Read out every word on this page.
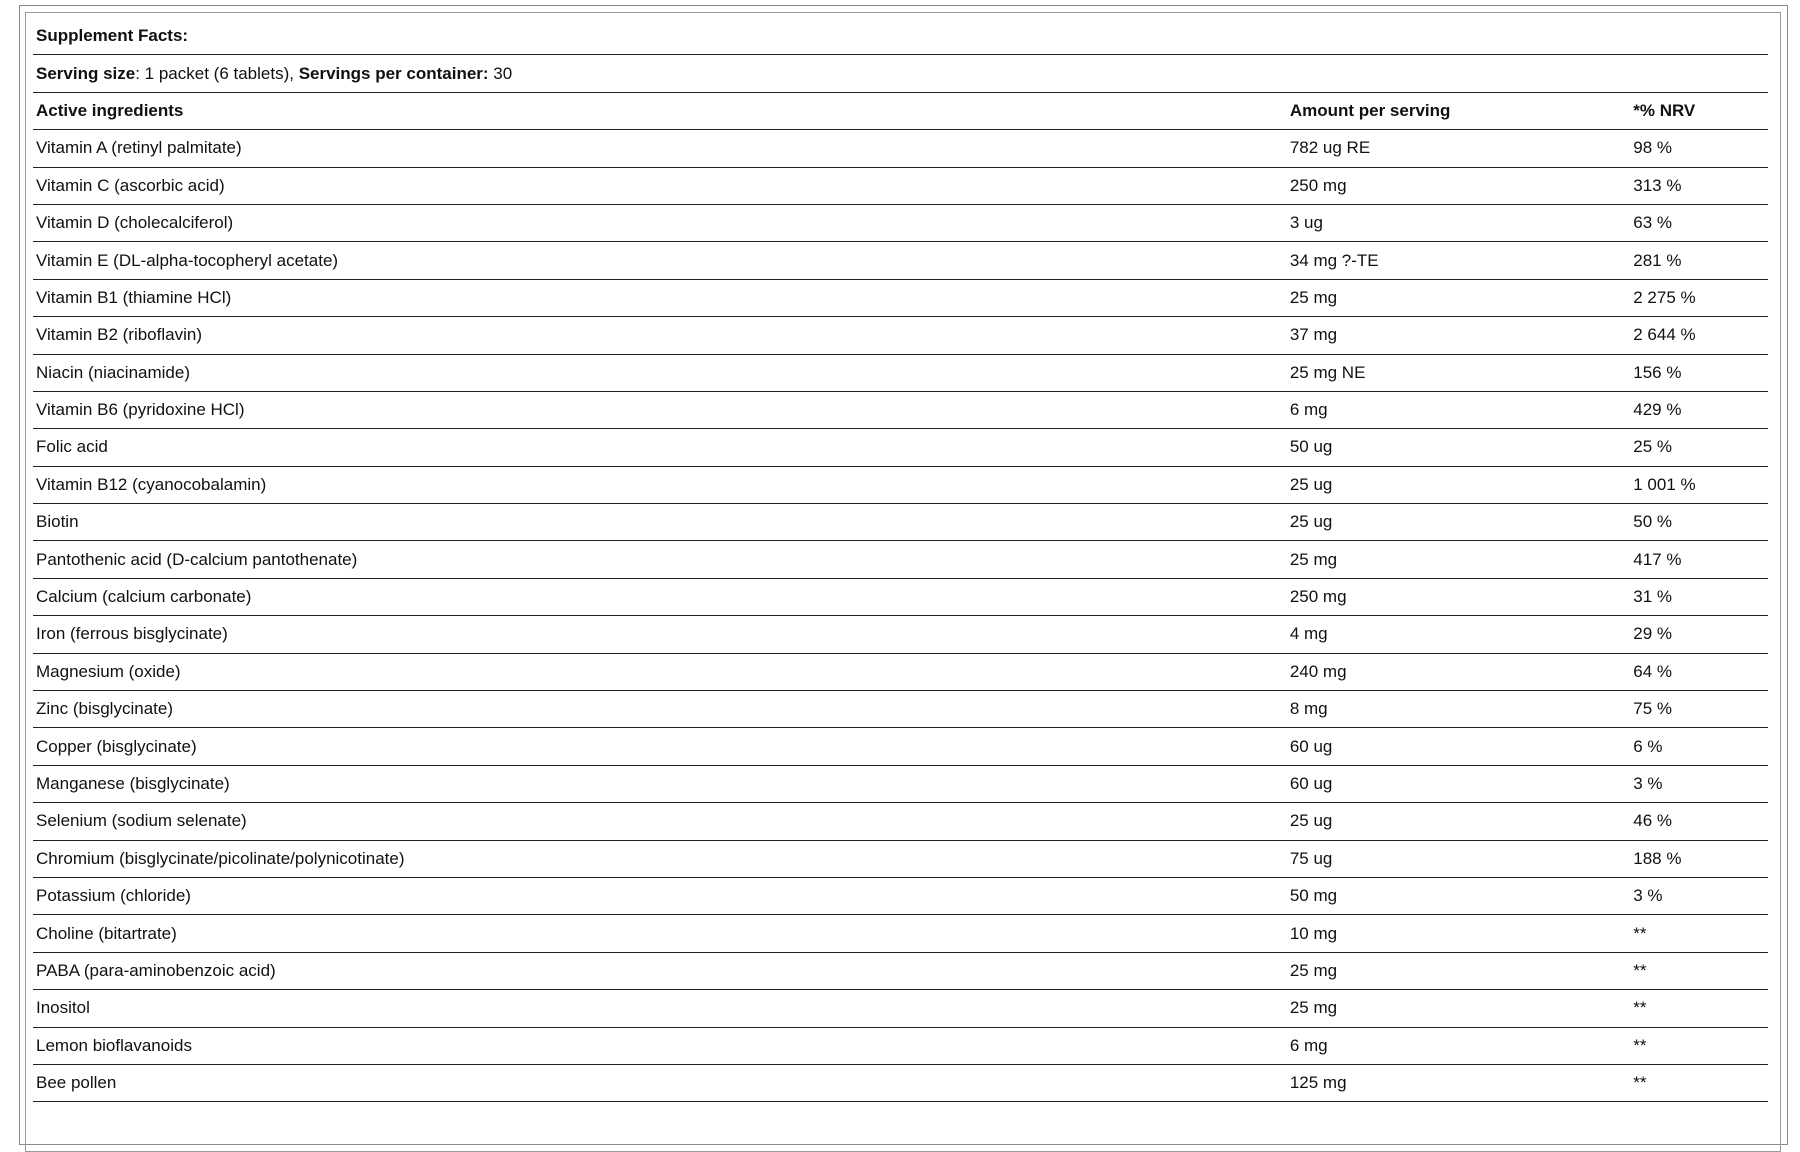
Supplement Facts:
Serving size: 1 packet (6 tablets), Servings per container: 30
Active ingredients	Amount per serving	*% NRV
Vitamin A (retinyl palmitate)	782 ug RE	98 %
Vitamin C (ascorbic acid)	250 mg	313 %
Vitamin D (cholecalciferol)	3 ug	63 %
Vitamin E (DL-alpha-tocopheryl acetate)	34 mg ?-TE	281 %
Vitamin B1 (thiamine HCl)	25 mg	2 275 %
Vitamin B2 (riboflavin)	37 mg	2 644 %
Niacin (niacinamide)	25 mg NE	156 %
Vitamin B6 (pyridoxine HCl)	6 mg	429 %
Folic acid	50 ug	25 %
Vitamin B12 (cyanocobalamin)	25 ug	1 001 %
Biotin	25 ug	50 %
Pantothenic acid (D-calcium pantothenate)	25 mg	417 %
Calcium (calcium carbonate)	250 mg	31 %
Iron (ferrous bisglycinate)	4 mg	29 %
Magnesium (oxide)	240 mg	64 %
Zinc (bisglycinate)	8 mg	75 %
Copper (bisglycinate)	60 ug	6 %
Manganese (bisglycinate)	60 ug	3 %
Selenium (sodium selenate)	25 ug	46 %
Chromium (bisglycinate/picolinate/polynicotinate)	75 ug	188 %
Potassium (chloride)	50 mg	3 %
Choline (bitartrate)	10 mg	**
PABA (para-aminobenzoic acid)	25 mg	**
Inositol	25 mg	**
Lemon bioflavanoids	6 mg	**
Bee pollen	125 mg	**
